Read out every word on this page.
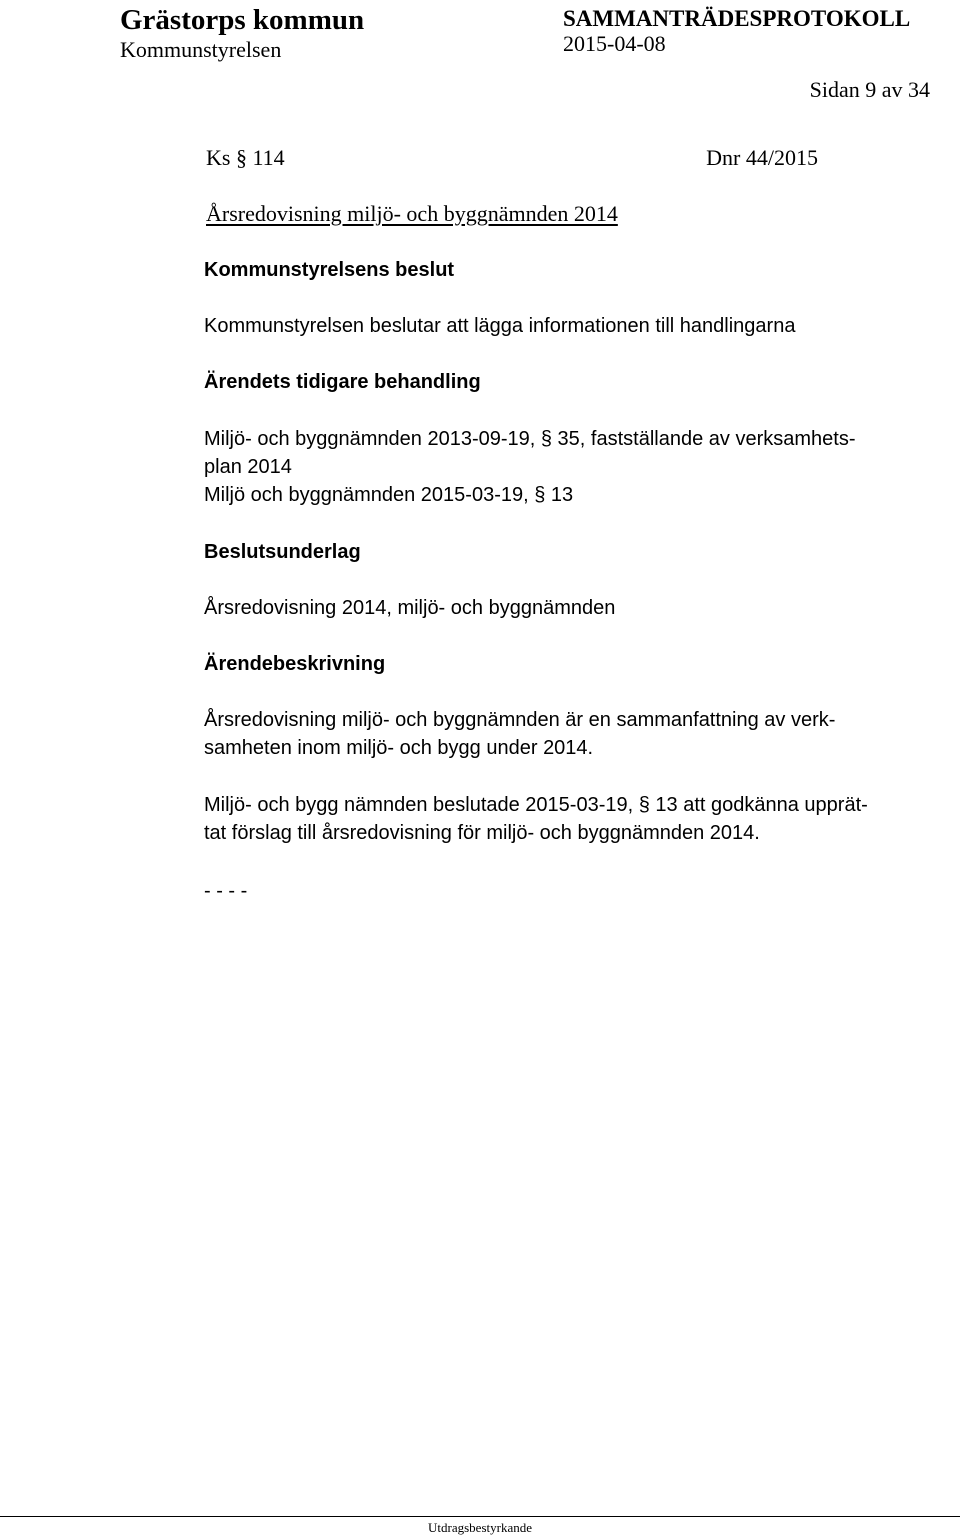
Grästorps kommun
Kommunstyrelsen
SAMMANTRÄDESPROTOKOLL
2015-04-08
Sidan 9 av 34
Ks § 114	Dnr 44/2015
Årsredovisning miljö- och byggnämnden 2014
Kommunstyrelsens beslut
Kommunstyrelsen beslutar att lägga informationen till handlingarna
Ärendets tidigare behandling
Miljö- och byggnämnden 2013-09-19, § 35, fastställande av verksamhets-
plan 2014
Miljö och byggnämnden 2015-03-19, § 13
Beslutsunderlag
Årsredovisning 2014, miljö- och byggnämnden
Ärendebeskrivning
Årsredovisning miljö- och byggnämnden är en sammanfattning av verk-
samheten inom miljö- och bygg under 2014.
Miljö- och bygg nämnden beslutade 2015-03-19, § 13 att godkänna upprät-
tat förslag till årsredovisning för miljö- och byggnämnden 2014.
- - - -
Utdragsbestyrkande
